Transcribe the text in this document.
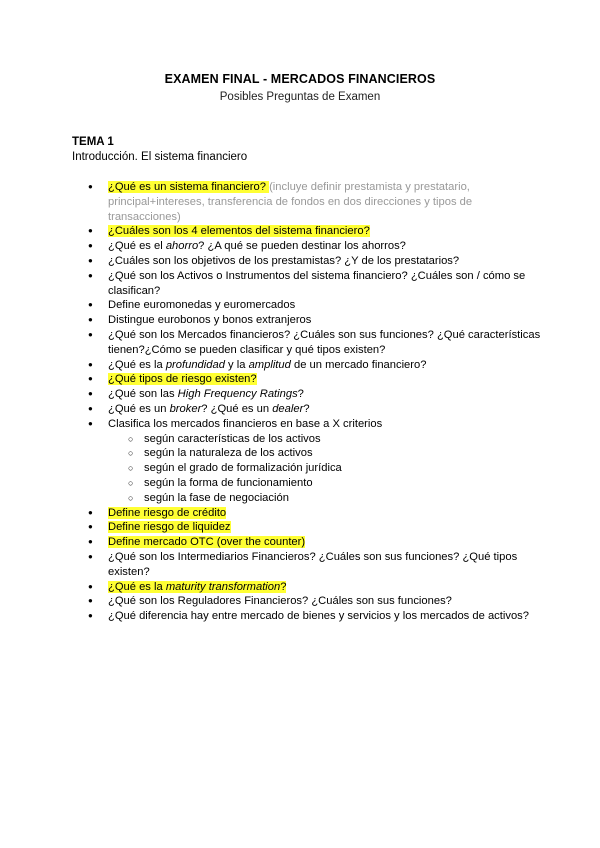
EXAMEN FINAL - MERCADOS FINANCIEROS
Posibles Preguntas de Examen
TEMA 1
Introducción. El sistema financiero
● ¿Qué es un sistema financiero? (incluye definir prestamista y prestatario, principal+intereses, transferencia de fondos en dos direcciones y tipos de transacciones)
● ¿Cuáles son los 4 elementos del sistema financiero?
● ¿Qué es el ahorro? ¿A qué se pueden destinar los ahorros?
● ¿Cuáles son los objetivos de los prestamistas? ¿Y de los prestatarios?
● ¿Qué son los Activos o Instrumentos del sistema financiero? ¿Cuáles son / cómo se clasifican?
● Define euromonedas y euromercados
● Distingue eurobonos y bonos extranjeros
● ¿Qué son los Mercados financieros? ¿Cuáles son sus funciones? ¿Qué características tienen?¿Cómo se pueden clasificar y qué tipos existen?
● ¿Qué es la profundidad y la amplitud de un mercado financiero?
● ¿Qué tipos de riesgo existen?
● ¿Qué son las High Frequency Ratings?
● ¿Qué es un broker? ¿Qué es un dealer?
● Clasifica los mercados financieros en base a X criterios
○ según características de los activos
○ según la naturaleza de los activos
○ según el grado de formalización jurídica
○ según la forma de funcionamiento
○ según la fase de negociación
● Define riesgo de crédito
● Define riesgo de liquidez
● Define mercado OTC (over the counter)
● ¿Qué son los Intermediarios Financieros? ¿Cuáles son sus funciones? ¿Qué tipos existen?
● ¿Qué es la maturity transformation?
● ¿Qué son los Reguladores Financieros? ¿Cuáles son sus funciones?
● ¿Qué diferencia hay entre mercado de bienes y servicios y los mercados de activos?
